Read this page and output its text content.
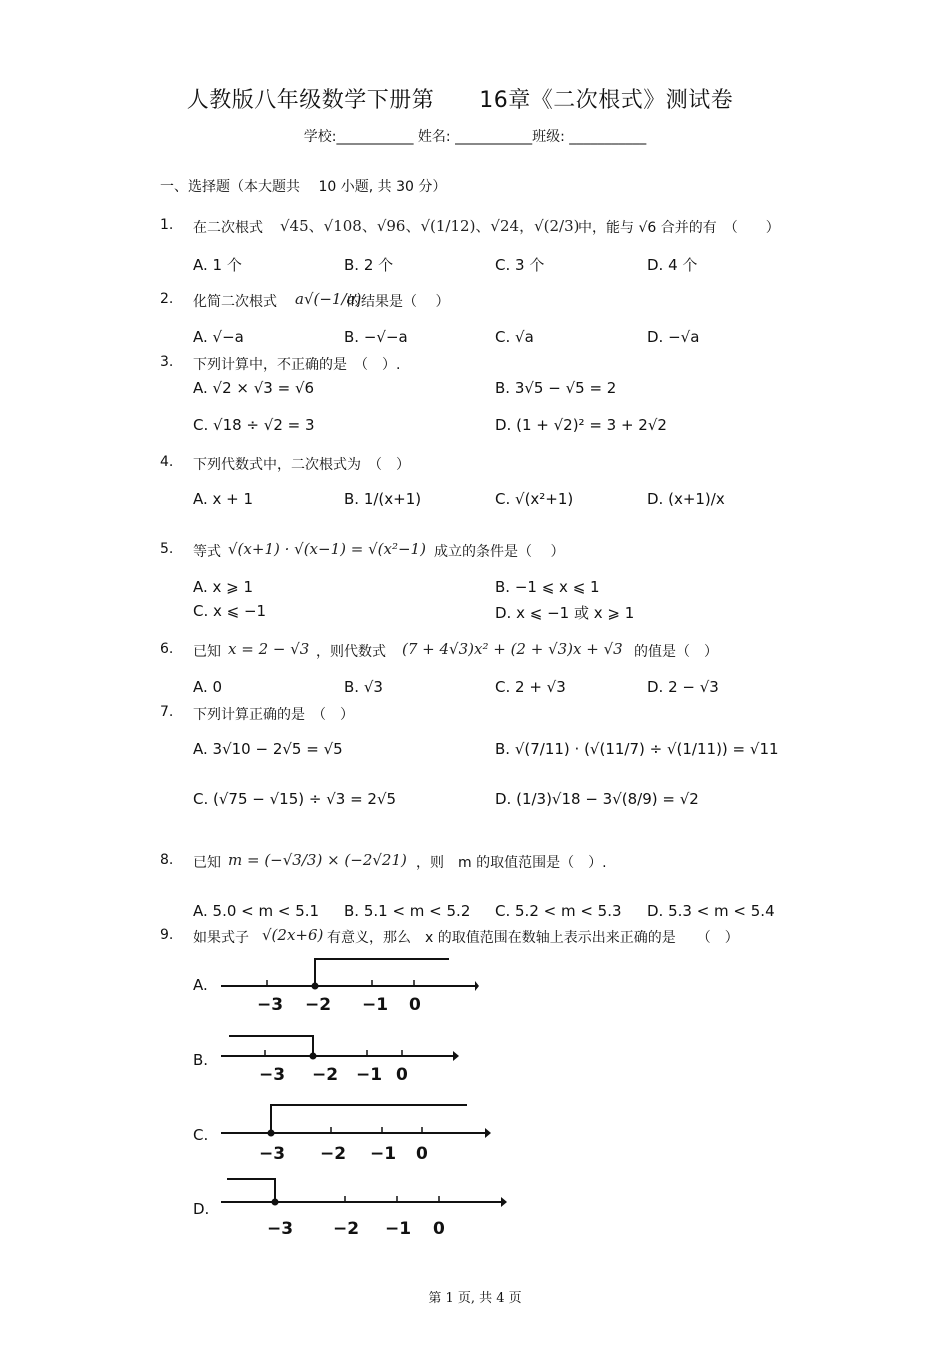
人教版八年级数学下册第　　16章《二次根式》测试卷
学校:___________ 姓名: ___________班级: ___________
一、选择题（本大题共　 10 小题, 共 30 分）
1. 在二次根式 √45、√108、√96、√(1/12)、√24，√(2/3)
中，能与 √6 合并的有　（　　）
A. 1 个	B. 2 个	C. 3 个	D. 4 个
2. 化简二次根式 a√(−1/a)
的结果是（　 ）
A. √−a	B. −√−a	C. √a	D. −√a
3. 下列计算中，不正确的是　（　）.
A. √2 × √3 = √6	B. 3√5 − √5 = 2
C. √18 ÷ √2 = 3	D. (1 + √2)² = 3 + 2√2
4. 下列代数式中，二次根式为　（　）
A. x + 1	B. 1/(x+1)	C. √(x²+1)	D. (x+1)/x
5. 等式 √(x+1) · √(x−1) = √(x²−1) 成立的条件是（　 ）
A. x ⩾ 1	B. −1 ⩽ x ⩽ 1
C. x ⩽ −1	D. x ⩽ −1 或 x ⩾ 1
6. 已知 x = 2 − √3 ，则代数式 (7 + 4√3)x² + (2 + √3)x + √3 的值是（　）
A. 0	B. √3	C. 2 + √3	D. 2 − √3
7. 下列计算正确的是　（　）
A. 3√10 − 2√5 = √5	B. √(7/11) · (√(11/7) ÷ √(1/11)) = √11
C. (√75 − √15) ÷ √3 = 2√5	D. (1/3)√18 − 3√(8/9) = √2
8. 已知 m = (−√3/3) × (−2√21) ，则　m 的取值范围是（　）.
A. 5.0 < m < 5.1 B. 5.1 < m < 5.2 C. 5.2 < m < 5.3 D. 5.3 < m < 5.4
9. 如果式子 √(2x+6) 有意义，那么　x 的取值范围在数轴上表示出来正确的是　　（　）
A.
−3 −2 −1 0
B.
−3 −2 −1 0
C.
−3 −2 −1 0
D.
−3 −2 −1 0
第 1 页, 共 4 页
